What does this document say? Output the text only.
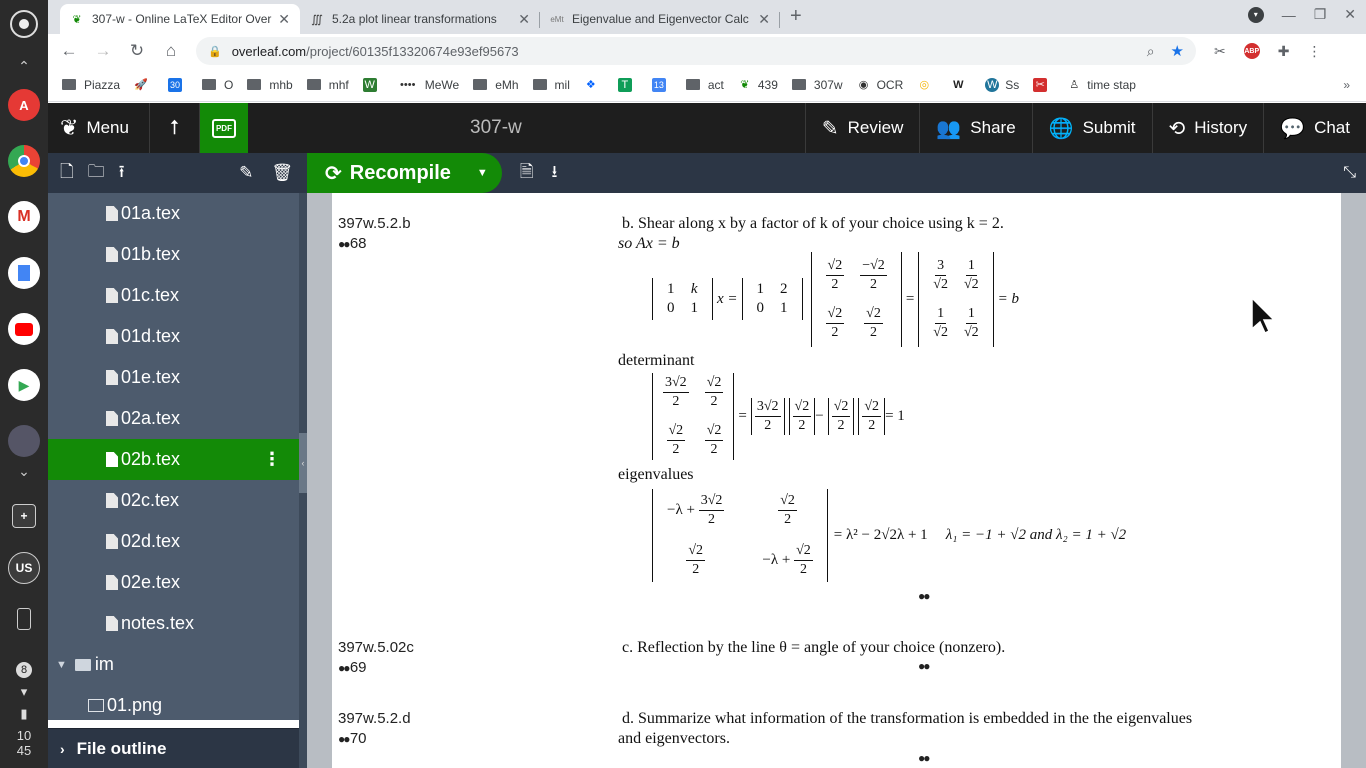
⌃
A
M
▶
⌄
+
US
8
▾
▮
10
45
❦ 307-w - Online LaTeX Editor Over ✕ ∭ 5.2a plot linear transformations	✕	eMt Eigenvalue and Eigenvector Calc ✕ +	▾	— ❐ ✕
←	→	↻	⌂	🔒 overleaf.com /project/60135f13320674e93ef95673	⌕ ★ ✂	ABP ✚ ⋮
Piazza 🚀 30	O	mhb	mhf W •••• MeWe	eMh	mil ❖	T	13	act ❦ 439	307w ◉ OCR ◎ W W Ss ✂ ♙ time stap	»
❦ Menu	⭡	PDF	307-w	✎ Review 👥 Share 🌐 Submit ⟲ History 💬 Chat
🗋 🗀 ⭱	✎ 🗑
01a.tex
01b.tex
01c.tex
01d.tex
01e.tex
02a.tex
02b.tex	⋮
02c.tex
02d.tex
02e.tex
notes.tex
▼ im
01.png
‹
› File outline
⟳ Recompile ▼ 🗎 ⭳	⤡
397w.5.2.b
●● 68
b. Shear along x by a factor of k of your choice using k = 2.
so Ax = b
1	k
0	1
x =
1	2
0	1
$\frac{√2}{2}$	$\frac{-√2}{2}$

$\frac{√2}{2}$	$\frac{√2}{2}$
=
$\frac{3}{√2}$	$\frac{1}{√2}$

$\frac{1}{√2}$	$\frac{1}{√2}$
= b
determinant
$\frac{3√2}{2}$	$\frac{√2}{2}$

$\frac{√2}{2}$	$\frac{√2}{2}$
= $\frac{3√2}{2} \frac{√2}{2} - \frac{√2}{2} \frac{√2}{2} = 1$
eigenvalues
$-\lambda + \frac{3√2}{2}$	$\frac{√2}{2}$

$\frac{√2}{2}$	$-\lambda + \frac{√2}{2}$
= λ² − 2√2λ + 1 λ₁ = −1 + √2 and λ₂ = 1 + √2
●●
397w.5.02c
●● 69
c. Reflection by the line θ = angle of your choice (nonzero).
●●
397w.5.2.d
●● 70
d. Summarize what information of the transformation is embedded in the the eigenvalues
and eigenvectors.
●●
